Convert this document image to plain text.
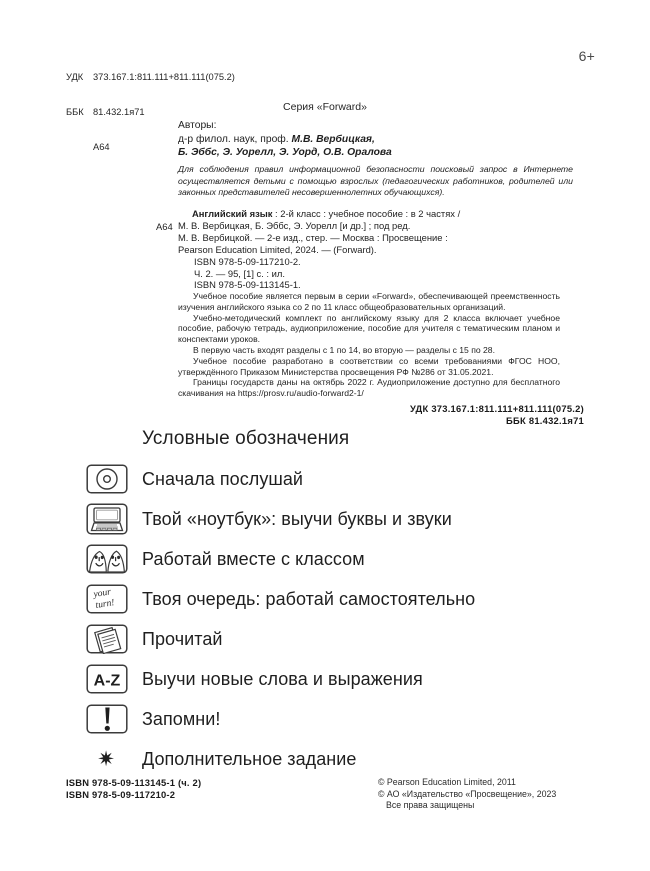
УДК 373.167.1:811.111+811.111(075.2)

ББК 81.432.1я71

А64

6+
Серия «Forward»
Авторы:
д-р филол. наук, проф. М.В. Вербицкая,
Б. Эббс, Э. Уорелл, Э. Уорд, О.В. Оралова
Для соблюдения правил информационной безопасности поисковый запрос в Интернете осуществляется детьми с помощью взрослых (педагогических работников, родителей или законных представителей несовершеннолетних обучающихся).
А64

Английский язык : 2-й класс : учебное пособие : в 2 частях /

М. В. Вербицкая, Б. Эббс, Э. Уорелл [и др.] ; под ред.

М. В. Вербицкой. — 2-е изд., стер. — Москва : Просвещение :

Pearson Education Limited, 2024. — (Forward).

ISBN 978-5-09-117210-2.

Ч. 2. — 95, [1] с. : ил.

ISBN 978-5-09-113145-1.

Учебное пособие является первым в серии «Forward», обеспечивающей преемственность изучения английского языка со 2 по 11 класс общеобразовательных организаций.

Учебно-методический комплект по английскому языку для 2 класса включает учебное пособие, рабочую тетрадь, аудиоприложение, пособие для учителя с тематическим планом и конспектами уроков.

В первую часть входят разделы с 1 по 14, во вторую — разделы с 15 по 28.

Учебное пособие разработано в соответствии со всеми требованиями ФГОС НОО, утверждённого Приказом Министерства просвещения РФ №286 от 31.05.2021.

Границы государств даны на октябрь 2022 г. Аудиоприложение доступно для бесплатного скачивания на https://prosv.ru/audio-forward2-1/

УДК 373.167.1:811.111+811.111(075.2)
ББК 81.432.1я71
Условные обозначения
Сначала послушай
Твой «ноутбук»: выучи буквы и звуки
Работай вместе с классом
your
turn! Твоя очередь: работай самостоятельно
Прочитай
A-Z Выучи новые слова и выражения
Запомни!
✷	Дополнительное задание
ISBN 978-5-09-113145-1 (ч. 2)
ISBN 978-5-09-117210-2
© Pearson Education Limited, 2011
© АО «Издательство «Просвещение», 2023
Все права защищены
